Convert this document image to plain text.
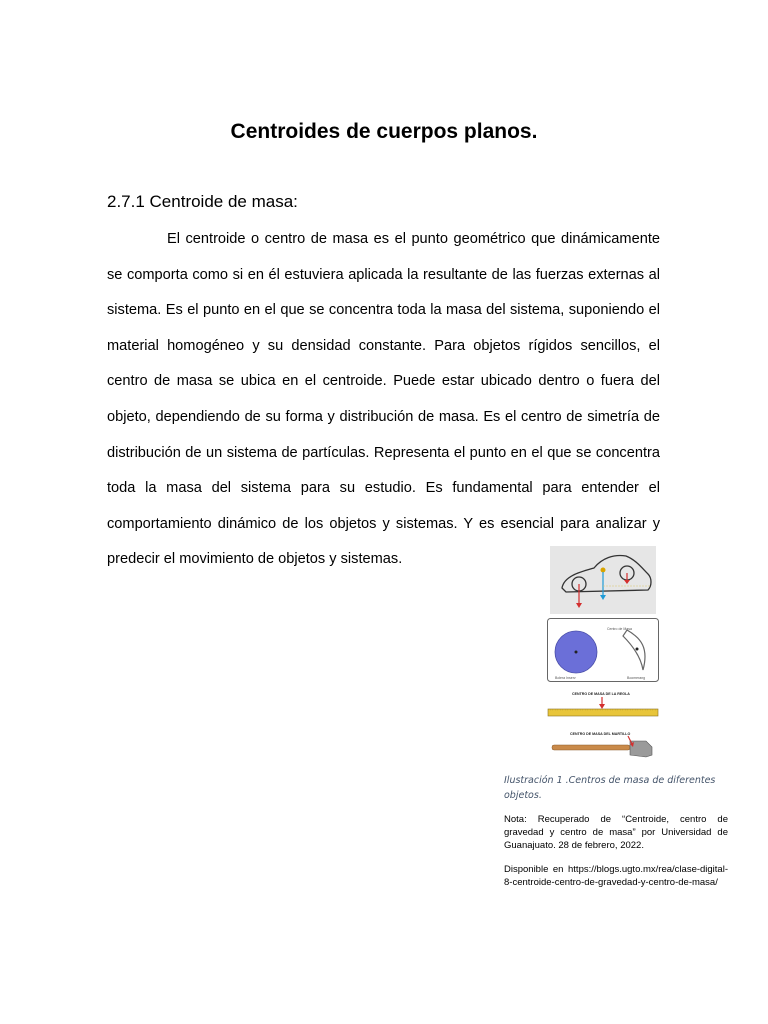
Centroides de cuerpos planos.
2.7.1 Centroide de masa:

El centroide o centro de masa es el punto geométrico que dinámicamente se comporta como si en él estuviera aplicada la resultante de las fuerzas externas al sistema. Es el punto en el que se concentra toda la masa del sistema, suponiendo el material homogéneo y su densidad constante. Para objetos rígidos sencillos, el centro de masa se ubica en el centroide. Puede estar ubicado dentro o fuera del objeto, dependiendo de su forma y distribución de masa. Es el centro de simetría de distribución de un sistema de partículas. Representa el punto en el que se concentra toda la masa del sistema para su estudio. Es fundamental para entender el comportamiento dinámico de los objetos y sistemas. Y es esencial para analizar y predecir el movimiento de objetos y sistemas.

Centro de Masa
Bolera Inserv	Boomerang
CENTRO DE MASA DE LA REGLA
CENTRO DE MASA DEL MARTILLO

Ilustración 1 .Centros de masa de diferentes objetos.

Nota: Recuperado de “Centroide, centro de gravedad y centro de masa” por Universidad de Guanajuato. 28 de febrero, 2022.

Disponible en https://blogs.ugto.mx/rea/clase-digital-8-centroide-centro-de-gravedad-y-centro-de-masa/
